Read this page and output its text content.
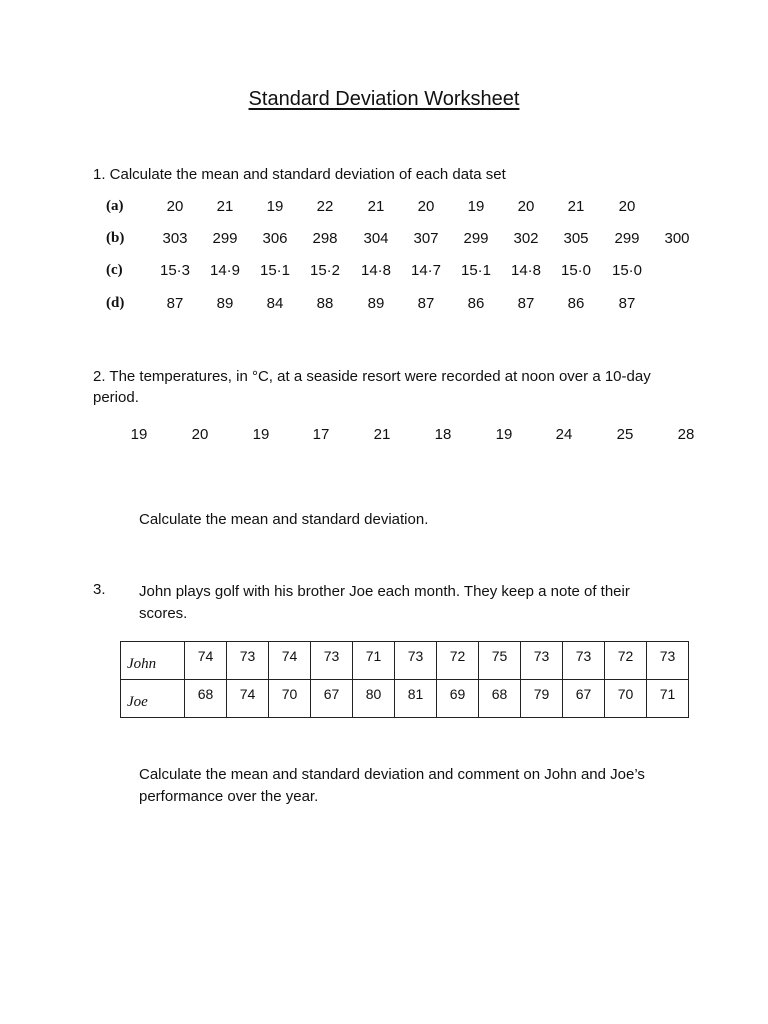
Standard Deviation Worksheet
1. Calculate the mean and standard deviation of each data set
(a)	20	21	19	22	21	20	19	20	21	20
(b)	303	299	306	298	304	307	299	302	305	299	300
(c)	15·3	14·9	15·1	15·2	14·8	14·7	15·1	14·8	15·0	15·0
(d)	87	89	84	88	89	87	86	87	86	87
2. The temperatures, in °C, at a seaside resort were recorded at noon over a 10-day period.
19	20	19	17	21	18	19	24	25	28
Calculate the mean and standard deviation.
3. John plays golf with his brother Joe each month. They keep a note of their scores.
John	74	73	74	73	71	73	72	75	73	73	72	73
Joe	68	74	70	67	80	81	69	68	79	67	70	71
Calculate the mean and standard deviation and comment on John and Joe’s performance over the year.
